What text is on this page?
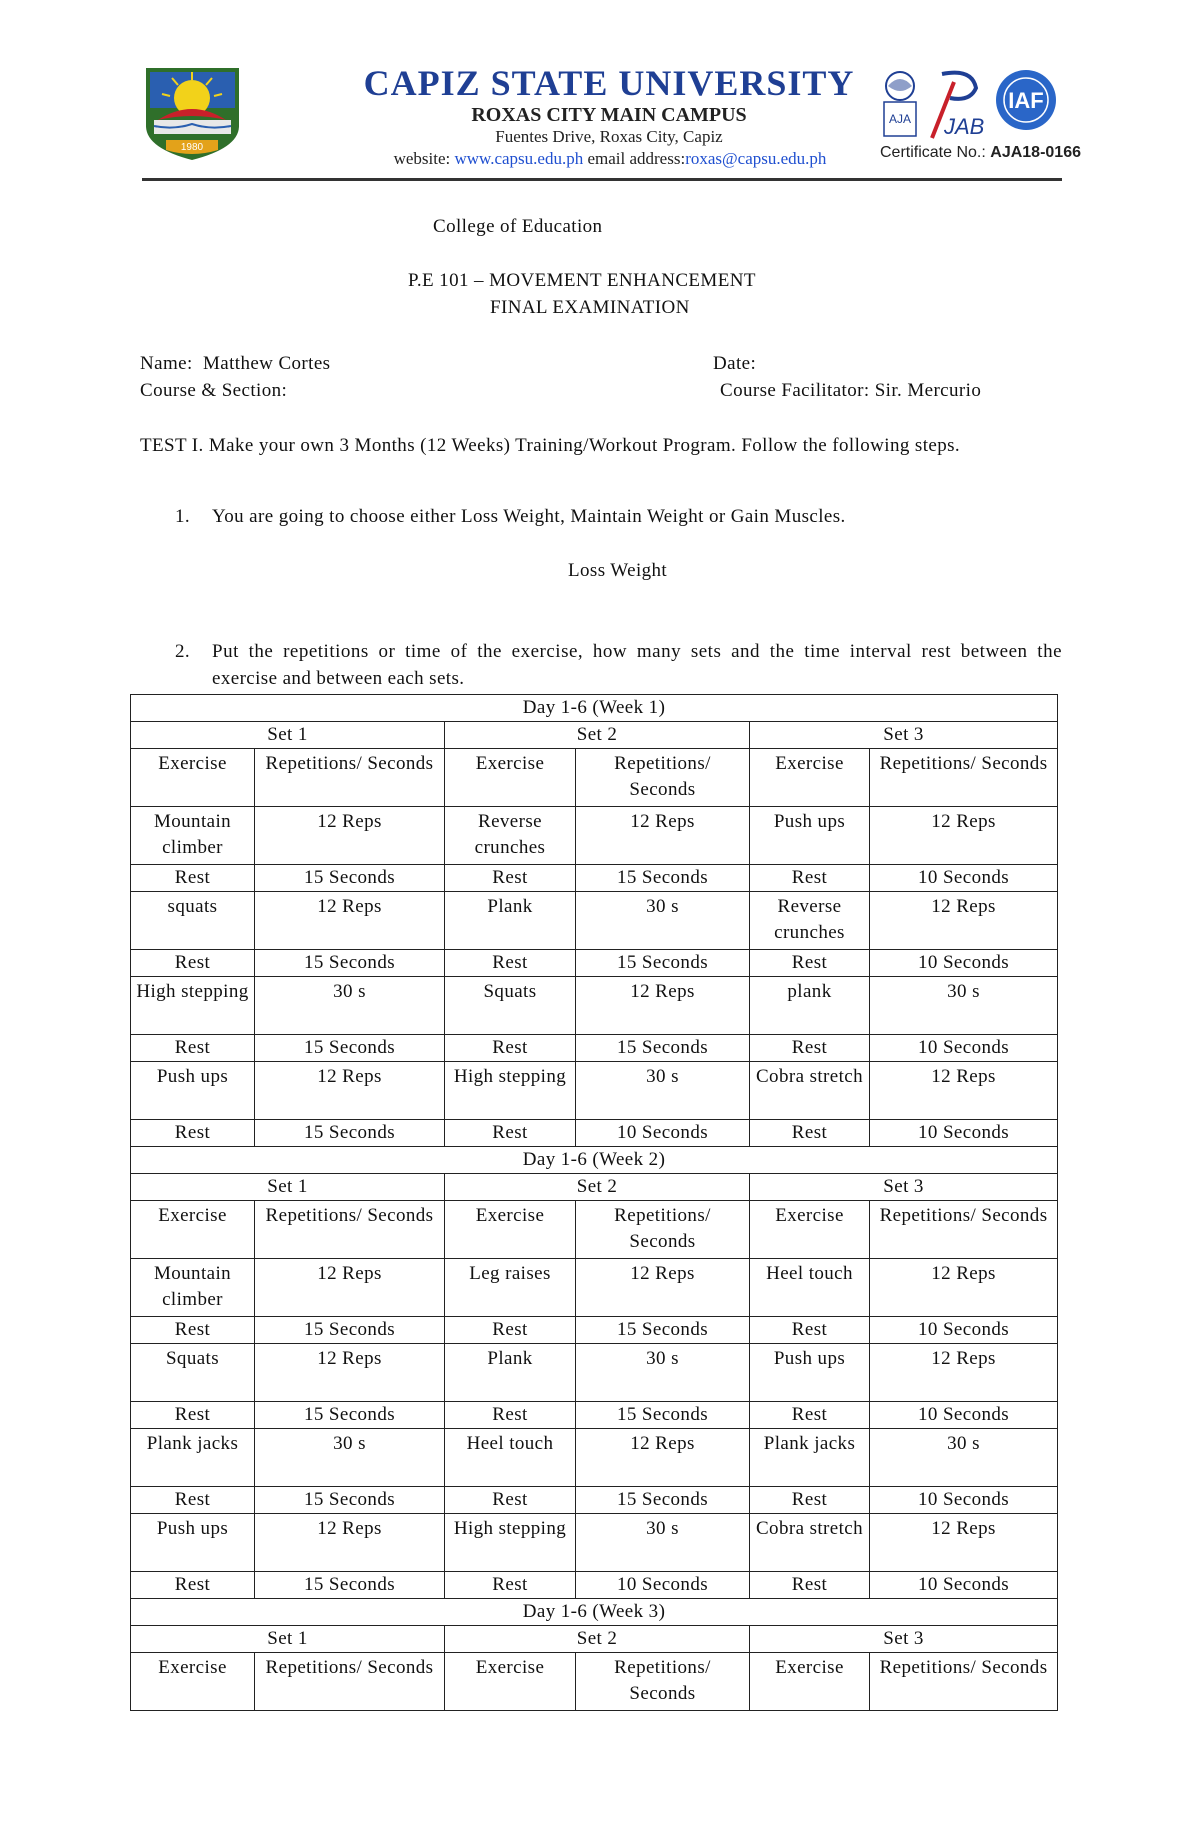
1980
CAPIZ STATE UNIVERSITY
ROXAS CITY MAIN CAMPUS
Fuentes Drive, Roxas City, Capiz
website: www.capsu.edu.ph email address:roxas@capsu.edu.ph
AJA JAB
IAF
Certificate No.: AJA18-0166
College of Education
P.E 101 – MOVEMENT ENHANCEMENT
FINAL EXAMINATION
Name: Matthew Cortes	Date:
Course & Section:	Course Facilitator: Sir. Mercurio
TEST I. Make your own 3 Months (12 Weeks) Training/Workout Program. Follow the following steps.
1. You are going to choose either Loss Weight, Maintain Weight or Gain Muscles.
Loss Weight
2. Put the repetitions or time of the exercise, how many sets and the time interval rest between the
exercise and between each sets.
Day 1-6 (Week 1)					
Set 1		Set 2		Set 3	
Exercise	Repetitions/ Seconds	Exercise	Repetitions/ Seconds	Exercise	Repetitions/ Seconds
Mountain climber	12 Reps	Reverse crunches	12 Reps	Push ups	12 Reps
Rest	15 Seconds	Rest	15 Seconds	Rest	10 Seconds
squats	12 Reps	Plank	30 s	Reverse crunches	12 Reps
Rest	15 Seconds	Rest	15 Seconds	Rest	10 Seconds
High stepping	30 s	Squats	12 Reps	plank	30 s
Rest	15 Seconds	Rest	15 Seconds	Rest	10 Seconds
Push ups	12 Reps	High stepping	30 s	Cobra stretch	12 Reps
Rest	15 Seconds	Rest	10 Seconds	Rest	10 Seconds
Day 1-6 (Week 2)					
Set 1		Set 2		Set 3	
Exercise	Repetitions/ Seconds	Exercise	Repetitions/ Seconds	Exercise	Repetitions/ Seconds
Mountain climber	12 Reps	Leg raises	12 Reps	Heel touch	12 Reps
Rest	15 Seconds	Rest	15 Seconds	Rest	10 Seconds
Squats	12 Reps	Plank	30 s	Push ups	12 Reps
Rest	15 Seconds	Rest	15 Seconds	Rest	10 Seconds
Plank jacks	30 s	Heel touch	12 Reps	Plank jacks	30 s
Rest	15 Seconds	Rest	15 Seconds	Rest	10 Seconds
Push ups	12 Reps	High stepping	30 s	Cobra stretch	12 Reps
Rest	15 Seconds	Rest	10 Seconds	Rest	10 Seconds
Day 1-6 (Week 3)					
Set 1		Set 2		Set 3	
Exercise	Repetitions/ Seconds	Exercise	Repetitions/ Seconds	Exercise	Repetitions/ Seconds
